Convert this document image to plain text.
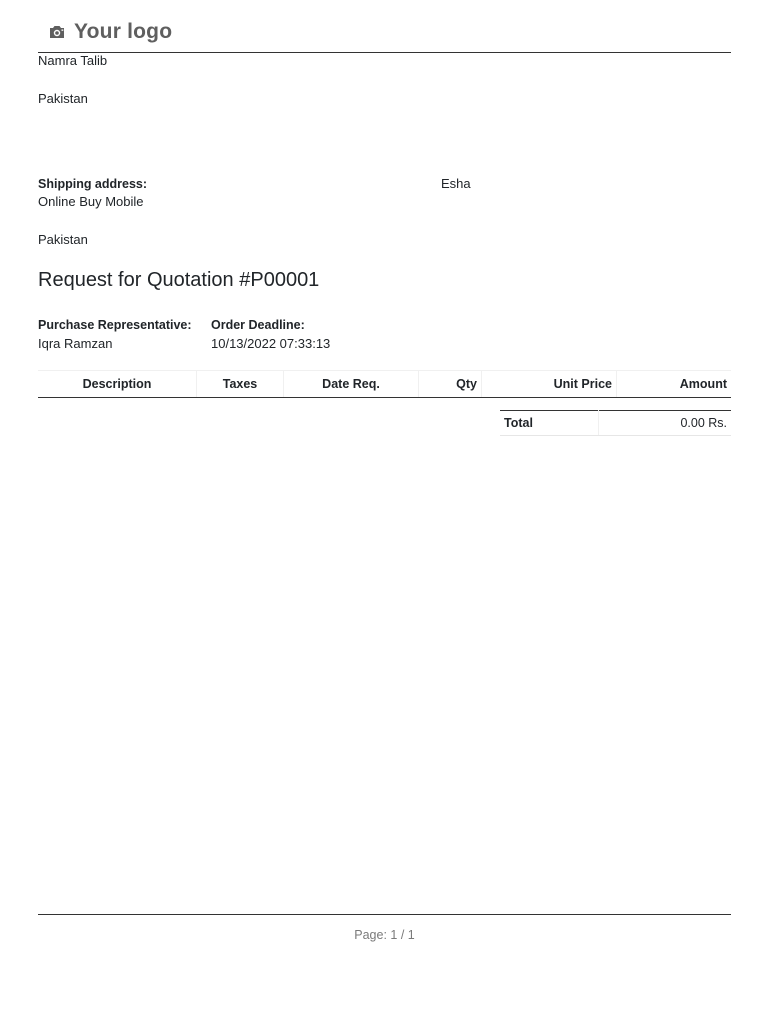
Your logo
Namra Talib
Pakistan
Shipping address:
Online Buy Mobile
Pakistan
Esha
Request for Quotation #P00001
Purchase Representative:
Iqra Ramzan
Order Deadline:
10/13/2022 07:33:13
Description	Taxes	Date Req.	Qty	Unit Price	Amount
Total	0.00 Rs.
Page: 1 / 1
